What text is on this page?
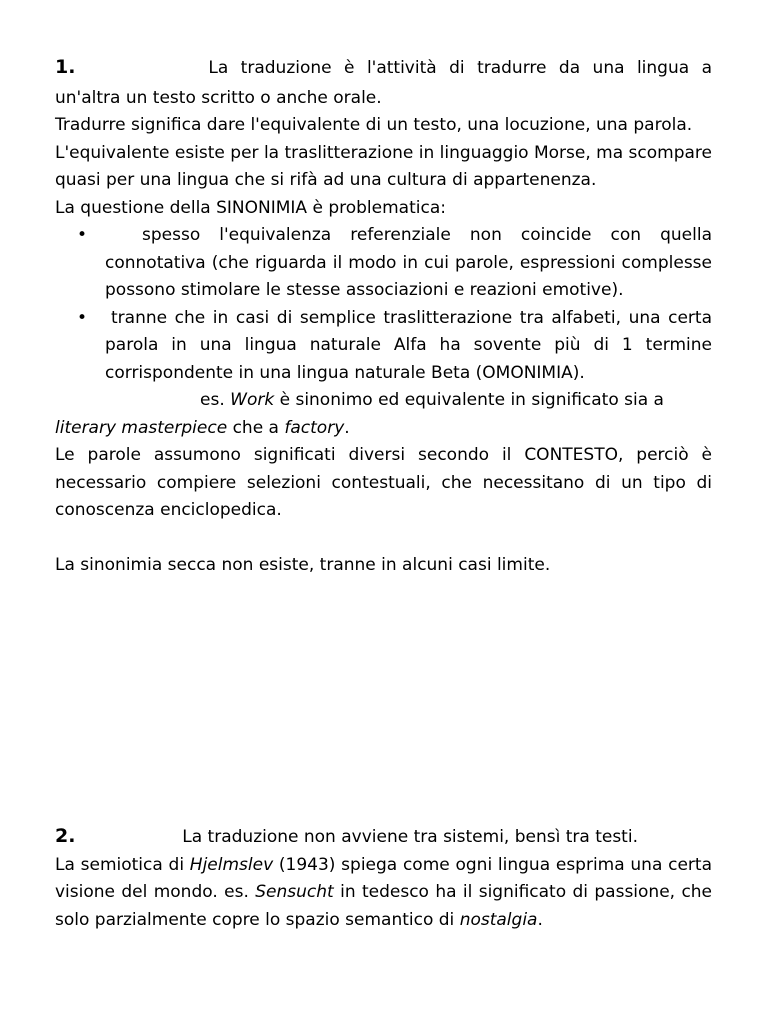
1.	La traduzione è l'attività di tradurre da una lingua a
un'altra un testo scritto o anche orale.
Tradurre significa dare l'equivalente di un testo, una locuzione, una parola.
L'equivalente esiste per la traslitterazione in linguaggio Morse, ma scompare quasi per una lingua che si rifà ad una cultura di appartenenza.
La questione della SINONIMIA è problematica:
•	spesso l'equivalenza referenziale non coincide con quella connotativa (che riguarda il modo in cui parole, espressioni complesse possono stimolare le stesse associazioni e reazioni emotive).
•	tranne che in casi di semplice traslitterazione tra alfabeti, una certa parola in una lingua naturale Alfa ha sovente più di 1 termine corrispondente in una lingua naturale Beta (OMONIMIA).
es. Work è sinonimo ed equivalente in significato sia a
literary masterpiece che a factory.
Le parole assumono significati diversi secondo il CONTESTO, perciò è necessario compiere selezioni contestuali, che necessitano di un tipo di conoscenza enciclopedica.
La sinonimia secca non esiste, tranne in alcuni casi limite.
2.	La traduzione non avviene tra sistemi, bensì tra testi.
La semiotica di Hjelmslev (1943) spiega come ogni lingua esprima una certa visione del mondo. es. Sensucht in tedesco ha il significato di passione, che solo parzialmente copre lo spazio semantico di nostalgia.
